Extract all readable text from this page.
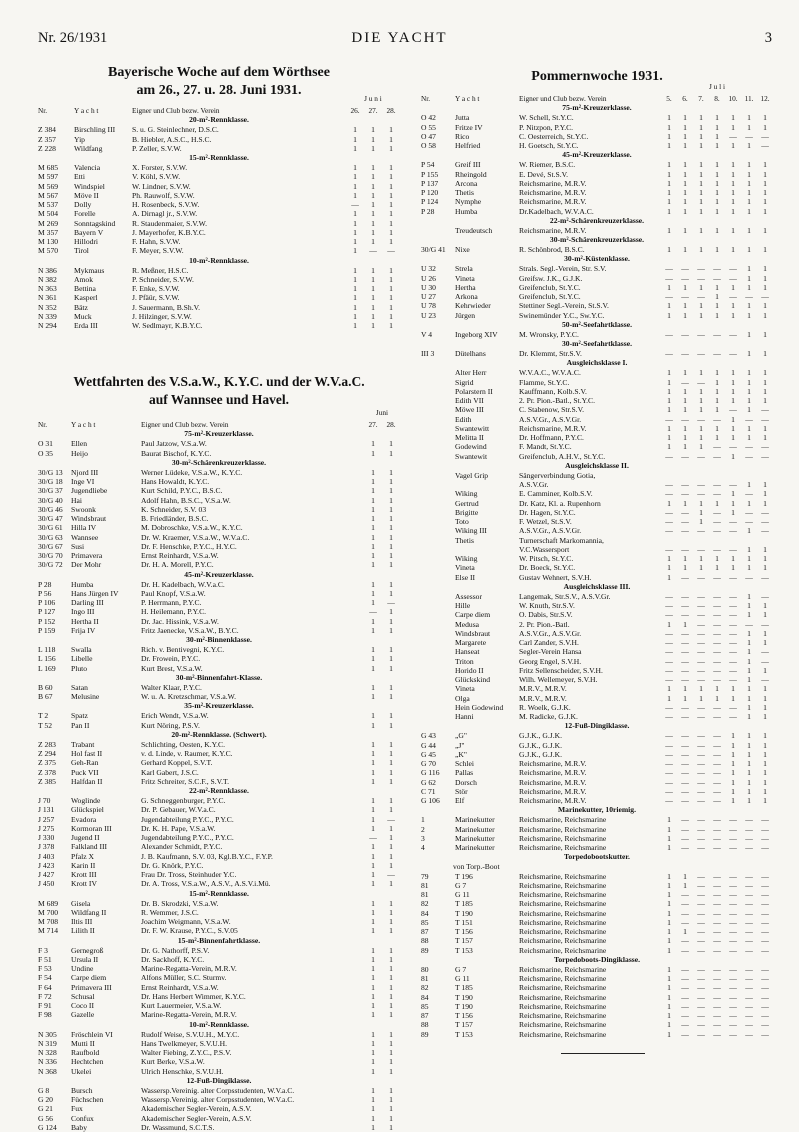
Nr. 26/1931	DIE YACHT	3
Bayerische Woche auf dem Wörthsee
am 26., 27. u. 28. Juni 1931.
Wettfahrten des V.S.a.W., K.Y.C. und der W.V.a.C.
auf Wannsee und Havel.
Pommernwoche 1931.
J u n i
Nr.	Y a c h t	Eigner und Club bezw. Verein	26.	27.	28.
20-m²-Rennklasse.
Z 384	Birschling III	S. u. G. Steinlechner, D.S.C.	1	1	1
Z 357	Yip	B. Hiebler, A.S.C., H.S.C.	1	1	1
Z 228	Wildfang	P. Zeller, S.V.W.	1	1	1
15-m²-Rennklasse.
M 685	Valencia	X. Forster, S.V.W.	1	1	1
M 597	Etti	V. Köhl, S.V.W.	1	1	1
M 569	Windspiel	W. Lindner, S.V.W.	1	1	1
M 567	Möve II	Ph. Rauwolf, S.V.W.	1	1	1
M 537	Dolly	H. Rosenbeck, S.V.W.	—	1	1
M 504	Forelle	A. Dirnagl jr., S.V.W.	1	1	1
M 269	Sonntagskind	R. Staudenmaier, S.V.W.	1	1	1
M 357	Bayern V	J. Mayerhofer, K.B.Y.C.	1	1	1
M 130	Hillodri	F. Hahn, S.V.W.	1	1	1
M 570	Tirol	F. Meyer, S.V.W.	1	—	—
10-m²-Rennklasse.
N 386	Mykmaus	R. Meßner, H.S.C.	1	1	1
N 382	Amok	P. Schneider, S.V.W.	1	1	1
N 363	Bettina	F. Enke, S.V.W.	1	1	1
N 361	Kasperl	J. Pfäür, S.V.W.	1	1	1
N 352	Bätz	J. Sauermann, B.Sh.V.	1	1	1
N 339	Muck	J. Hilzinger, S.V.W.	1	1	1
N 294	Erda III	W. Sedlmayr, K.B.Y.C.	1	1	1
Juni
Nr.	Y a c h t	Eigner und Club bezw. Verein	27.	28.
75-m²-Kreuzerklasse.
O 31	Ellen	Paul Jatzow, V.S.a.W.	1	1
O 35	Heijo	Baurat Bischof, K.Y.C.	1	1
30-m²-Schärenkreuzerklasse.
30/G 13	Njord III	Werner Lüdeke, V.S.a.W., K.Y.C.	1	1
30/G 18	Inge VI	Hans Howaldt, K.Y.C.	1	1
30/G 37	Jugendliebe	Kurt Schild, P.Y.C., B.S.C.	1	1
30/G 40	Hai	Adolf Hahn, B.S.C., V.S.a.W.	1	1
30/G 46	Swoonk	K. Schneider, S.V. 03	1	1
30/G 47	Windsbraut	B. Friedländer, B.S.C.	1	1
30/G 61	Hilla IV	M. Dobroschke, V.S.a.W., K.Y.C.	1	1
30/G 63	Wannsee	Dr. W. Kraemer, V.S.a.W., W.V.a.C.	1	1
30/G 67	Susi	Dr. F. Henschke, P.Y.C., H.Y.C.	1	1
30/G 70	Primavera	Ernst Reinhardt, V.S.a.W.	1	1
30/G 72	Der Mohr	Dr. H. A. Morell, P.Y.C.	1	1
45-m²-Kreuzerklasse.
P 28	Humba	Dr. H. Kadelbach, W.V.a.C.	1	1
P 56	Hans Jürgen IV	Paul Knopf, V.S.a.W.	1	1
P 106	Darling III	P. Herrmann, P.Y.C.	1	—
P 127	Ingo III	H. Heilemann, P.Y.C.	—	1
P 152	Hertha II	Dr. Jac. Hissink, V.S.a.W.	1	1
P 159	Frija IV	Fritz Jaenecke, V.S.a.W., B.Y.C.	1	1
30-m²-Binnenklasse.
L 118	Swalla	Rich. v. Bentivegni, K.Y.C.	1	1
L 156	Libelle	Dr. Frowein, P.Y.C.	1	1
L 169	Pluto	Kurt Brest, V.S.a.W.	1	1
30-m²-Binnenfahrt-Klasse.
B 60	Satan	Walter Klaar, P.Y.C.	1	1
B 67	Melusine	W. u. A. Kretzschmar, V.S.a.W.	1	1
35-m²-Kreuzerklasse.
T 2	Spatz	Erich Wendt, V.S.a.W.	1	1
T 52	Pan II	Kurt Nöring, P.S.V.	1	1
20-m²-Rennklasse. (Schwert).
Z 283	Trabant	Schlichting, Oesten, K.Y.C.	1	1
Z 294	Hol fast II	v. d. Linde, v. Raumer, K.Y.C.	1	1
Z 375	Geh-Ran	Gerhard Koppel, S.V.T.	1	1
Z 378	Puck VII	Karl Gabert, J.S.C.	1	1
Z 385	Halfdan II	Fritz Schreiter, S.C.F., S.V.T.	1	1
22-m²-Rennklasse.
J 70	Woglinde	G. Schneggenburger, P.Y.C.	1	1
J 131	Glückspiel	Dr. P. Gebauer, W.V.a.C.	1	1
J 257	Evadora	Jugendabteilung P.Y.C., P.Y.C.	1	—
J 275	Kormoran III	Dr. K. H. Pape, V.S.a.W.	1	1
J 330	Jugend II	Jugendabteilung P.Y.C., P.Y.C.	—	1
J 378	Falkland III	Alexander Schmidt, P.Y.C.	1	1
J 403	Pfalz X	J. B. Kaufmann, S.V. 03, Kgl.B.Y.C., F.Y.P.	1	1
J 423	Karin II	Dr. G. Knörk, P.Y.C.	1	1
J 427	Krott III	Frau Dr. Tross, Steinhuder Y.C.	1	—
J 450	Krott IV	Dr. A. Tross, V.S.a.W., A.S.V., A.S.V.i.Mü.	1	1
15-m²-Rennklasse.
M 689	Gisela	Dr. B. Skrodzki, V.S.a.W.	1	1
M 700	Wildfang II	R. Wemmer, J.S.C.	1	1
M 708	Iltis III	Joachim Weigmann, V.S.a.W.	1	1
M 714	Lilith II	Dr. F. W. Krause, P.Y.C., S.V.05	1	1
15-m²-Binnenfahrtklasse.
F 3	Gernegroß	Dr. G. Nathorff, P.S.V.	1	1
F 51	Ursula II	Dr. Sackhoff, K.Y.C.	1	1
F 53	Undine	Marine-Regatta-Verein, M.R.V.	1	1
F 54	Carpe diem	Alfons Müller, S.C. Sturmv.	1	1
F 64	Primavera III	Ernst Reinhardt, V.S.a.W.	1	1
F 72	Schusal	Dr. Hans Herbert Wimmer, K.Y.C.	1	1
F 91	Coco II	Kurt Lauermeier, V.S.a.W.	1	1
F 98	Gazelle	Marine-Regatta-Verein, M.R.V.	1	1
10-m²-Rennklasse.
N 305	Fröschlein VI	Rudolf Weise, S.V.U.H., M.Y.C.	1	1
N 319	Mutti II	Hans Twelkmeyer, S.V.U.H.	1	1
N 328	Raufbold	Walter Fiebing, Z.Y.C., P.S.V.	1	1
N 336	Hechtchen	Kurt Berke, V.S.a.W.	1	1
N 368	Ukelei	Ulrich Henschke, S.V.U.H.	1	1
12-Fuß-Dingiklasse.
G 8	Bursch	Wassersp.Vereinig. alter Corpsstudenten, W.V.a.C.	1	1
G 20	Füchschen	Wassersp.Vereinig. alter Corpsstudenten, W.V.a.C.	1	1
G 21	Fux	Akademischer Segler-Verein, A.S.V.	1	1
G 56	Confux	Akademischer Segler-Verein, A.S.V.	1	1
G 124	Baby	Dr. Wassmund, S.C.T.S.	1	1
J u l i
Nr.	Y a c h t	Eigner und Club bezw. Verein	5.	6.	7.	8.	10. 11. 12.
75-m²-Kreuzerklasse.
O 42	Jutta	W. Schell, St.Y.C.	1	1	1	1	1	1	1
O 55	Fritze IV	P. Nitzpon, P.Y.C.	1	1	1	1	1	1	1
O 47	Rico	C. Oesterreich, St.Y.C.	1	1	1	1	—	—	—
O 58	Helfried	H. Goetsch, St.Y.C.	1	1	1	1	1	1	—
45-m²-Kreuzerklasse.
P 54	Greif III	W. Riemer, B.S.C.	1	1	1	1	1	1	1
P 155	Rheingold	E. Devé, St.S.V.	1	1	1	1	1	1	1
P 137	Arcona	Reichsmarine, M.R.V.	1	1	1	1	1	1	1
P 120	Thetis	Reichsmarine, M.R.V.	1	1	1	1	1	1	1
P 124	Nymphe	Reichsmarine, M.R.V.	1	1	1	1	1	1	1
P 28	Humba	Dr.Kadelbach, W.V.A.C.	1	1	1	1	1	1	1
22-m²-Schärenkreuzerklasse.
Treudeutsch	Reichsmarine, M.R.V.	1	1	1	1	1	1	1
30-m²-Schärenkreuzerklasse.
30/G 41	Nixe	R. Schönbrod, B.S.C.	1	1	1	1	1	1	1
30-m²-Küstenklasse.
U 32	Strela	Strals. Segl.-Verein, Str. S.V.	—	—	—	—	—	1	1
U 26	Vineta	Greifsw. J.K., G.J.K.	—	—	—	—	—	1	1
U 30	Hertha	Greifenclub, St.Y.C.	1	1	1	1	1	1	1
U 27	Arkona	Greifenclub, St.Y.C.	—	—	—	1	—	—	—
U 78	Kehrwieder	Stettiner Segl.-Verein, St.S.V.	1	1	1	1	1	1	1
U 23	Jürgen	Swinemünder Y.C., Sw.Y.C.	1	1	1	1	1	1	1
50-m²-Seefahrtklasse.
V 4	Ingeborg XIV	M. Wronsky, P.Y.C.	—	—	—	—	—	1	1
30-m²-Seefahrtklasse.
III 3	Dütelhans	Dr. Klemmt, Str.S.V.	—	—	—	—	—	1	1
Ausgleichsklasse I.
Alter Herr	W.V.A.C., W.V.A.C.	1	1	1	1	1	1	1
Sigrid	Flamme, St.Y.C.	1	—	—	1	1	1	1
Polarstern II	Kauffmann, Kolb.S.V.	1	1	1	1	1	1	1
Edith VII	2. Pr. Pion.-Batl., St.Y.C.	1	1	1	1	1	1	1
Möwe III	C. Stabenow, Str.S.V.	1	1	1	1	—	1	—
Edith	A.S.V.Gr., A.S.V.Gr.	—	—	—	—	1	—	—
Swantewitt	Reichsmarine, M.R.V.	1	1	1	1	1	1	1
Melitta II	Dr. Hoffmann, P.Y.C.	1	1	1	1	1	1	1
Godewind	F. Mandt, St.Y.C.	1	1	1	—	—	—	—
Swantewit	Greifenclub, A.H.V., St.Y.C.	—	—	—	—	1	—	—
Ausgleichsklasse II.
Vagel Grip	Sängerverbindung Gotia,
A.S.V.Gr.	—	—	—	—	—	1	1
Wiking	E. Camminer, Kolb.S.V.	—	—	—	—	1	—	1
Gertrud	Dr. Katz, Kl. a. Rupenhorn	1	1	1	1	1	1	1
Brigitte	Dr. Hagen, St.Y.C.	—	—	1	—	1	—	—
Toto	F. Wetzel, St.S.V.	—	—	1	—	—	—	—
Wiking III	A.S.V.Gr., A.S.V.Gr.	—	—	—	—	—	1	—
Thetis	Turnerschaft Markomannia,
V.C.Wassersport	—	—	—	—	—	1	1
Wiking	W. Pitsch, St.Y.C.	1	1	1	1	1	1	1
Vineta	Dr. Boeck, St.Y.C.	1	1	1	1	1	1	1
Else II	Gustav Wehnert, S.V.H.	1	—	—	—	—	—	—
Ausgleichsklasse III.
Assessor	Langemak, Str.S.V., A.S.V.Gr.	—	—	—	—	—	1	—
Hille	W. Knuth, Str.S.V.	—	—	—	—	—	1	1
Carpe diem	O. Dabis, Str.S.V.	—	—	—	—	—	1	1
Medusa	2. Pr. Pion.-Batl.	1	1	—	—	—	—	—
Windsbraut	A.S.V.Gr., A.S.V.Gr.	—	—	—	—	—	1	1
Margarete	Carl Zander, S.V.H.	—	—	—	—	—	1	1
Hanseat	Segler-Verein Hansa	—	—	—	—	—	1	—
Triton	Georg Engel, S.V.H.	—	—	—	—	—	1	—
Horido II	Fritz Sellenscheider, S.V.H.	—	—	—	—	—	1	1
Glückskind	Wilh. Wellemeyer, S.V.H.	—	—	—	—	—	1	—
Vineta	M.R.V., M.R.V.	1	1	1	1	1	1	1
Olga	M.R.V., M.R.V.	1	1	1	1	1	1	1
Hein Godewind	R. Woelk, G.J.K.	—	—	—	—	—	1	1
Hanni	M. Radicke, G.J.K.	—	—	—	—	—	1	1
12-Fuß-Dingiklasse.
G 43	„G"	G.J.K., G.J.K.	—	—	—	—	1	1	1
G 44	„J"	G.J.K., G.J.K.	—	—	—	—	1	1	1
G 45	„K"	G.J.K., G.J.K.	—	—	—	—	1	1	1
G 70	Schlei	Reichsmarine, M.R.V.	—	—	—	—	1	1	1
G 116	Pallas	Reichsmarine, M.R.V.	—	—	—	—	1	1	1
G 62	Dorsch	Reichsmarine, M.R.V.	—	—	—	—	1	1	1
C 71	Stör	Reichsmarine, M.R.V.	—	—	—	—	1	1	1
G 106	Elf	Reichsmarine, M.R.V.	—	—	—	—	1	1	1
Marinekutter, 10riemig.
1	Marinekutter	Reichsmarine, Reichsmarine	1	—	—	—	—	—	—
2	Marinekutter	Reichsmarine, Reichsmarine	1	—	—	—	—	—	—
3	Marinekutter	Reichsmarine, Reichsmarine	1	—	—	—	—	—	—
4	Marinekutter	Reichsmarine, Reichsmarine	1	—	—	—	—	—	—
Torpedobootskutter.
von Torp.-Boot
79	T 196	Reichsmarine, Reichsmarine	1	1	—	—	—	—	—
81	G 7	Reichsmarine, Reichsmarine	1	1	—	—	—	—	—
81	G 11	Reichsmarine, Reichsmarine	1	—	—	—	—	—	—
82	T 185	Reichsmarine, Reichsmarine	1	—	—	—	—	—	—
84	T 190	Reichsmarine, Reichsmarine	1	—	—	—	—	—	—
85	T 151	Reichsmarine, Reichsmarine	1	—	—	—	—	—	—
87	T 156	Reichsmarine, Reichsmarine	1	1	—	—	—	—	—
88	T 157	Reichsmarine, Reichsmarine	1	—	—	—	—	—	—
89	T 153	Reichsmarine, Reichsmarine	1	—	—	—	—	—	—
Torpedoboots-Dingiklasse.
80	G 7	Reichsmarine, Reichsmarine	1	—	—	—	—	—	—
81	G 11	Reichsmarine, Reichsmarine	1	—	—	—	—	—	—
82	T 185	Reichsmarine, Reichsmarine	1	—	—	—	—	—	—
84	T 190	Reichsmarine, Reichsmarine	1	—	—	—	—	—	—
85	T 190	Reichsmarine, Reichsmarine	1	—	—	—	—	—	—
87	T 156	Reichsmarine, Reichsmarine	1	—	—	—	—	—	—
88	T 157	Reichsmarine, Reichsmarine	1	—	—	—	—	—	—
89	T 153	Reichsmarine, Reichsmarine	1	—	—	—	—	—	—
